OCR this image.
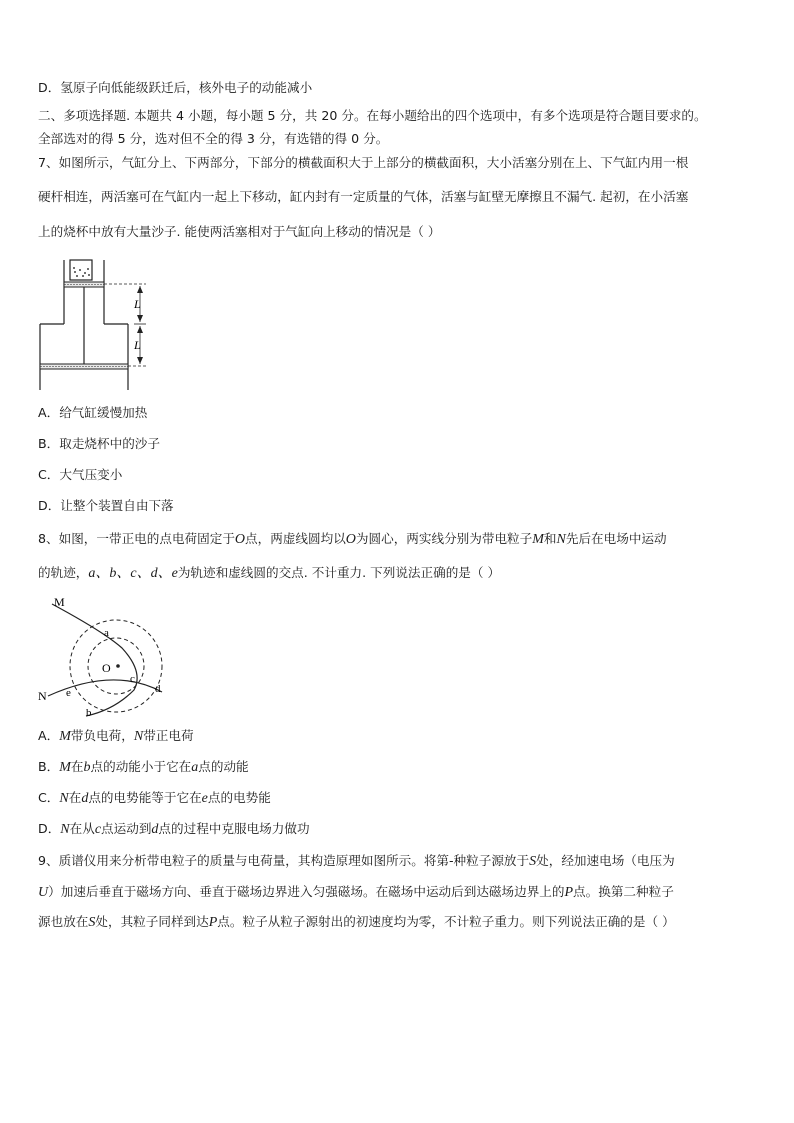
D．氢原子向低能级跃迁后，核外电子的动能减小
二、多项选择题. 本题共 4 小题，每小题 5 分，共 20 分。在每小题给出的四个选项中，有多个选项是符合题目要求的。
全部选对的得 5 分，选对但不全的得 3 分，有选错的得 0 分。
7、如图所示，气缸分上、下两部分，下部分的横截面积大于上部分的横截面积，大小活塞分别在上、下气缸内用一根
硬杆相连，两活塞可在气缸内一起上下移动，缸内封有一定质量的气体，活塞与缸壁无摩擦且不漏气. 起初，在小活塞
上的烧杯中放有大量沙子. 能使两活塞相对于气缸向上移动的情况是（ ）
L
L
A．给气缸缓慢加热
B．取走烧杯中的沙子
C．大气压变小
D．让整个装置自由下落
8、如图，一带正电的点电荷固定于O点，两虚线圆均以O为圆心，两实线分别为带电粒子M和N先后在电场中运动
的轨迹，a、b、c、d、e为轨迹和虚线圆的交点. 不计重力. 下列说法正确的是（ ）
O
M
N
a
b
c
d
e
A．M带负电荷，N带正电荷
B．M在b点的动能小于它在a点的动能
C．N在d点的电势能等于它在e点的电势能
D．N在从c点运动到d点的过程中克服电场力做功
9、质谱仪用来分析带电粒子的质量与电荷量，其构造原理如图所示。将第-种粒子源放于S处，经加速电场（电压为
U）加速后垂直于磁场方向、垂直于磁场边界进入匀强磁场。在磁场中运动后到达磁场边界上的P点。换第二种粒子
源也放在S处，其粒子同样到达P点。粒子从粒子源射出的初速度均为零，不计粒子重力。则下列说法正确的是（ ）
